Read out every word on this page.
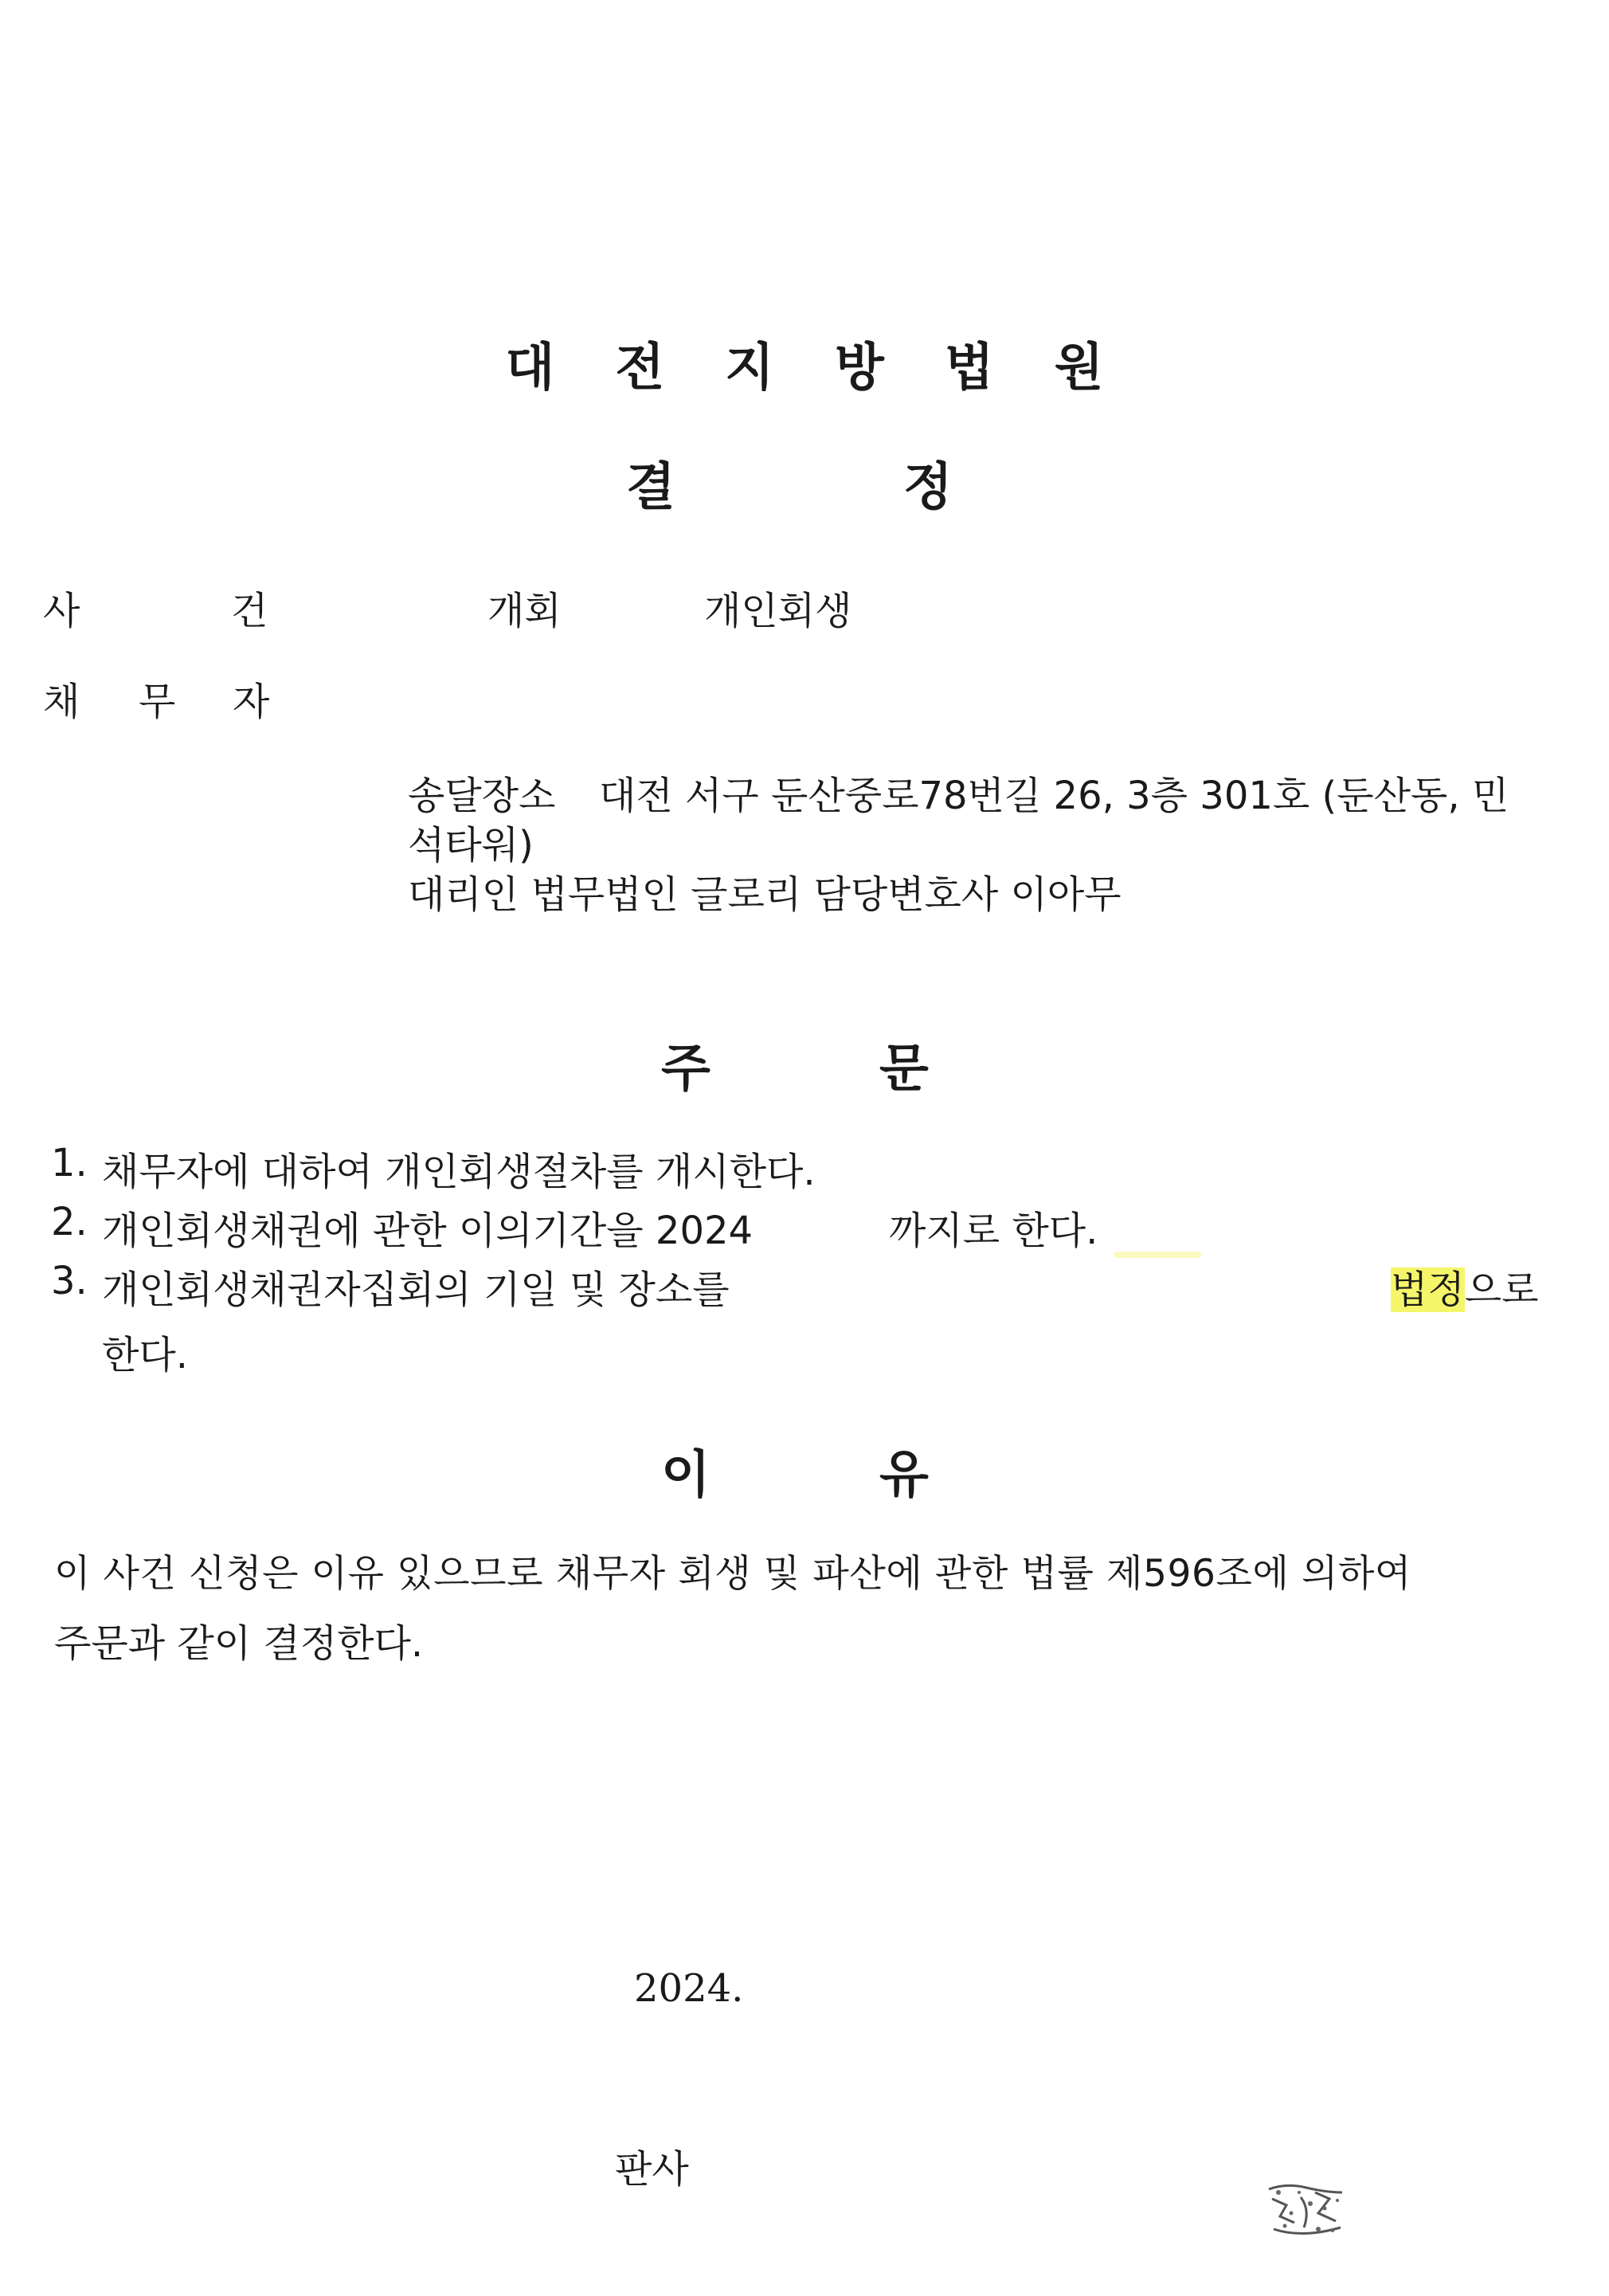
대 전 지 방 법 원
결	정
사	건	개회	개인회생
채 무 자
송달장소 대전 서구 둔산중로78번길 26, 3층 301호 (둔산동, 민
석타워)
대리인 법무법인 글로리 담당변호사 이아무
주	문
1. 채무자에 대하여 개인회생절차를 개시한다.
2. 개인회생채권에 관한 이의기간을 2024	까지로 한다.
3. 개인회생채권자집회의 기일 및 장소를	법정으로
한다.
이	유
이 사건 신청은 이유 있으므로 채무자 회생 및 파산에 관한 법률 제596조에 의하여
주문과 같이 결정한다.
2024.
판사
